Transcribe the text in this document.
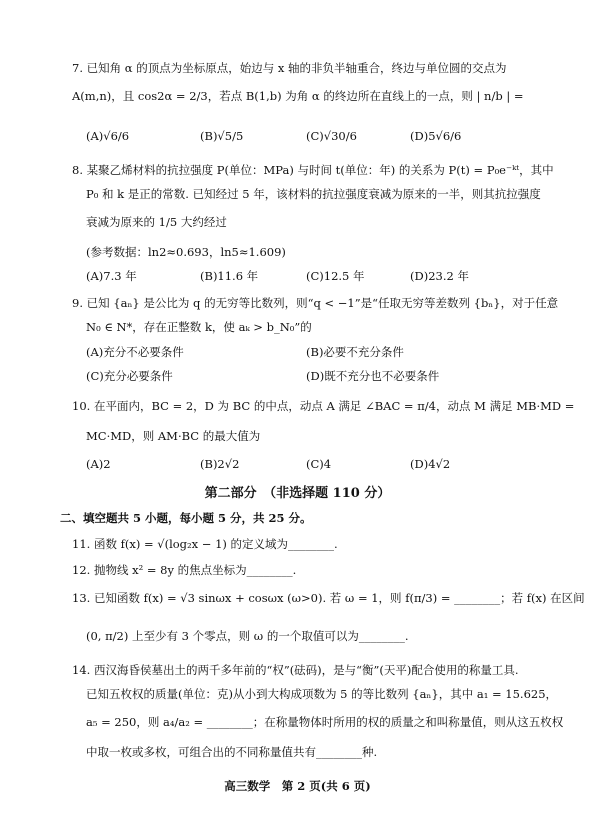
7. 已知角 α 的顶点为坐标原点，始边与 x 轴的非负半轴重合，终边与单位圆的交点为
A(m,n)，且 cos2α = 2/3，若点 B(1,b) 为角 α 的终边所在直线上的一点，则 | n/b | =
(A)√6/6	(B)√5/5	(C)√30/6	(D)5√6/6
8. 某聚乙烯材料的抗拉强度 P(单位：MPa) 与时间 t(单位：年) 的关系为 P(t) = P₀e⁻ᵏᵗ，其中
P₀ 和 k 是正的常数. 已知经过 5 年，该材料的抗拉强度衰减为原来的一半，则其抗拉强度
衰减为原来的 1/5 大约经过
(参考数据：ln2≈0.693，ln5≈1.609)
(A)7.3 年	(B)11.6 年	(C)12.5 年	(D)23.2 年
9. 已知 {aₙ} 是公比为 q 的无穷等比数列，则“q < −1”是“任取无穷等差数列 {bₙ}，对于任意
N₀ ∈ N*，存在正整数 k，使 aₖ > b_N₀”的
(A)充分不必要条件	(B)必要不充分条件
(C)充分必要条件	(D)既不充分也不必要条件
10. 在平面内，BC = 2，D 为 BC 的中点，动点 A 满足 ∠BAC = π/4，动点 M 满足 MB·MD =
MC·MD，则 AM·BC 的最大值为
(A)2	(B)2√2	(C)4	(D)4√2
第二部分　（非选择题 110 分）
二、填空题共 5 小题，每小题 5 分，共 25 分。
11. 函数 f(x) = √(log₂x − 1) 的定义域为________.
12. 抛物线 x² = 8y 的焦点坐标为________.
13. 已知函数 f(x) = √3 sinωx + cosωx (ω>0). 若 ω = 1，则 f(π/3) = ________；若 f(x) 在区间
(0, π/2) 上至少有 3 个零点，则 ω 的一个取值可以为________.
14. 西汉海昏侯墓出土的两千多年前的“权”(砝码)，是与“衡”(天平)配合使用的称量工具.
已知五枚权的质量(单位：克)从小到大构成项数为 5 的等比数列 {aₙ}，其中 a₁ = 15.625，
a₅ = 250，则 a₄/a₂ = ________；在称量物体时所用的权的质量之和叫称量值，则从这五枚权
中取一枚或多枚，可组合出的不同称量值共有________种.
高三数学　第 2 页(共 6 页)
